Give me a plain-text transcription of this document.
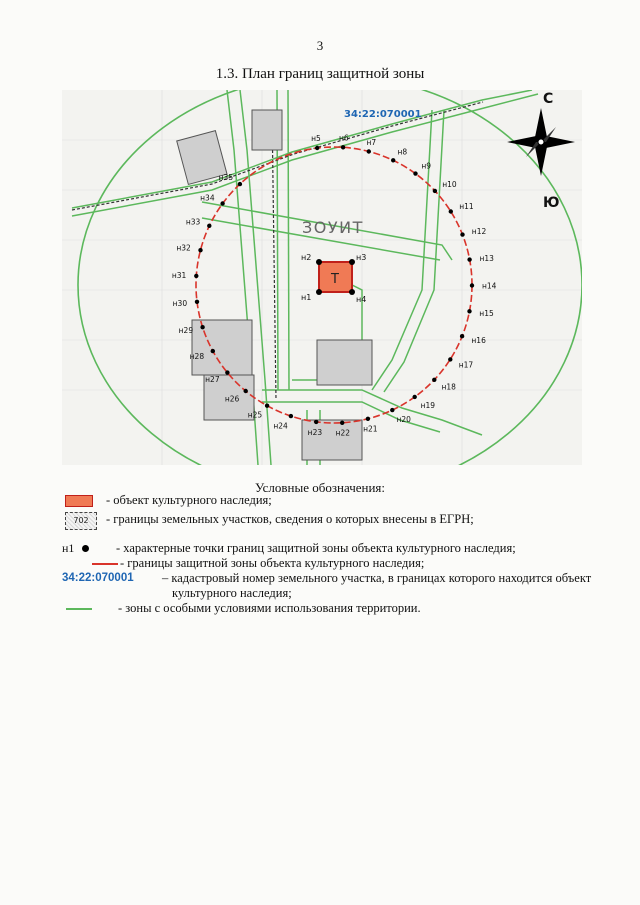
3
1.3. План границ защитной зоны
Т
ЗОУИТ
34:22:070001
С
Ю
н1
н2	н3
н4
н5 н6 н7
н8
н9
н10
н11
н12
н13
н14
н15
н16
н17
н18
н19
н20
н21
н22
н23
н24
н25
н26
н27
н28
н29
н30
н31
н32
н33
н34
н35
Условные обозначения:
- объект культурного наследия;
702	- границы земельных участков, сведения о которых внесены в ЕГРН;
н1	- характерные точки границ защитной зоны объекта культурного наследия;
- границы защитной зоны объекта культурного наследия;
34:22:070001 – кадастровый номер земельного участка, в границах которого находится объект
культурного наследия;
- зоны с особыми условиями использования территории.
